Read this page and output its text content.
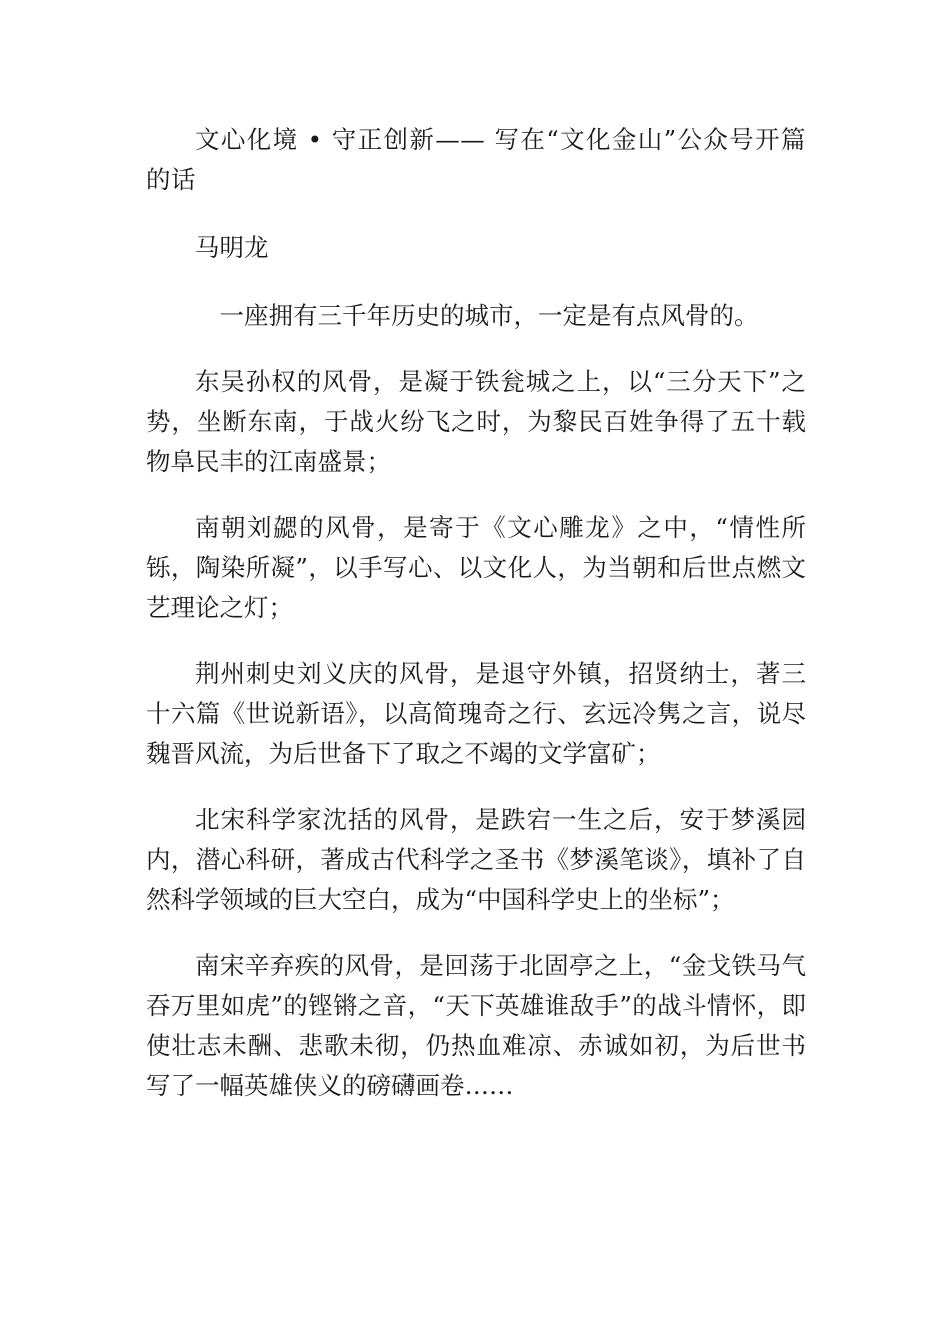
文心化境 • 守正创新—— 写在“文化金山”公众号开篇的话

马明龙

一座拥有三千年历史的城市，一定是有点风骨的。

东吴孙权的风骨，是凝于铁瓮城之上，以“三分天下”之势，坐断东南，于战火纷飞之时，为黎民百姓争得了五十载物阜民丰的江南盛景；

南朝刘勰的风骨，是寄于《文心雕龙》之中，“情性所铄，陶染所凝”，以手写心、以文化人，为当朝和后世点燃文艺理论之灯；

荆州刺史刘义庆的风骨，是退守外镇，招贤纳士，著三十六篇《世说新语》，以高简瑰奇之行、玄远冷隽之言，说尽魏晋风流，为后世备下了取之不竭的文学富矿；

北宋科学家沈括的风骨，是跌宕一生之后，安于梦溪园内，潜心科研，著成古代科学之圣书《梦溪笔谈》，填补了自然科学领域的巨大空白，成为“中国科学史上的坐标”；

南宋辛弃疾的风骨，是回荡于北固亭之上，“金戈铁马气吞万里如虎”的铿锵之音，“天下英雄谁敌手”的战斗情怀，即使壮志未酬、悲歌未彻，仍热血难凉、赤诚如初，为后世书写了一幅英雄侠义的磅礴画卷……
